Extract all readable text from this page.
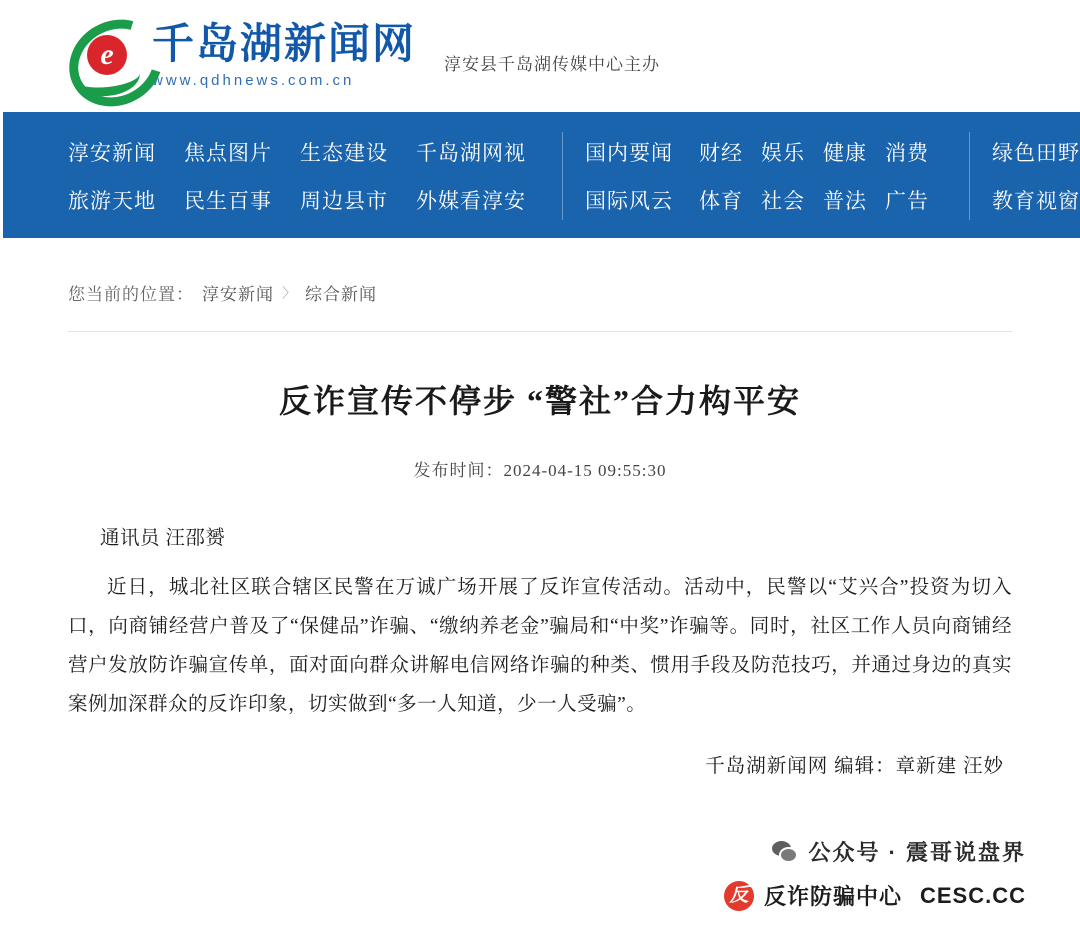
e 千岛湖新闻网
www.qdhnews.com.cn
淳安县千岛湖传媒中心主办
淳安新闻	焦点图片	生态建设	千岛湖网视
旅游天地	民生百事	周边县市	外媒看淳安
国内要闻	财经 娱乐 健康 消费
国际风云	体育 社会 普法 广告
绿色田野
教育视窗
您当前的位置： 淳安新闻 〉 综合新闻
反诈宣传不停步 “警社”合力构平安
发布时间：2024-04-15 09:55:30

通讯员 汪邵赟

近日，城北社区联合辖区民警在万诚广场开展了反诈宣传活动。活动中，民警以“艾兴合”投资为切入口，向商铺经营户普及了“保健品”诈骗、“缴纳养老金”骗局和“中奖”诈骗等。同时，社区工作人员向商铺经营户发放防诈骗宣传单，面对面向群众讲解电信网络诈骗的种类、惯用手段及防范技巧，并通过身边的真实案例加深群众的反诈印象，切实做到“多一人知道，少一人受骗”。

千岛湖新闻网 编辑：章新建 汪妙
公众号 · 震哥说盘界
反 反诈防骗中心 CESC.CC
